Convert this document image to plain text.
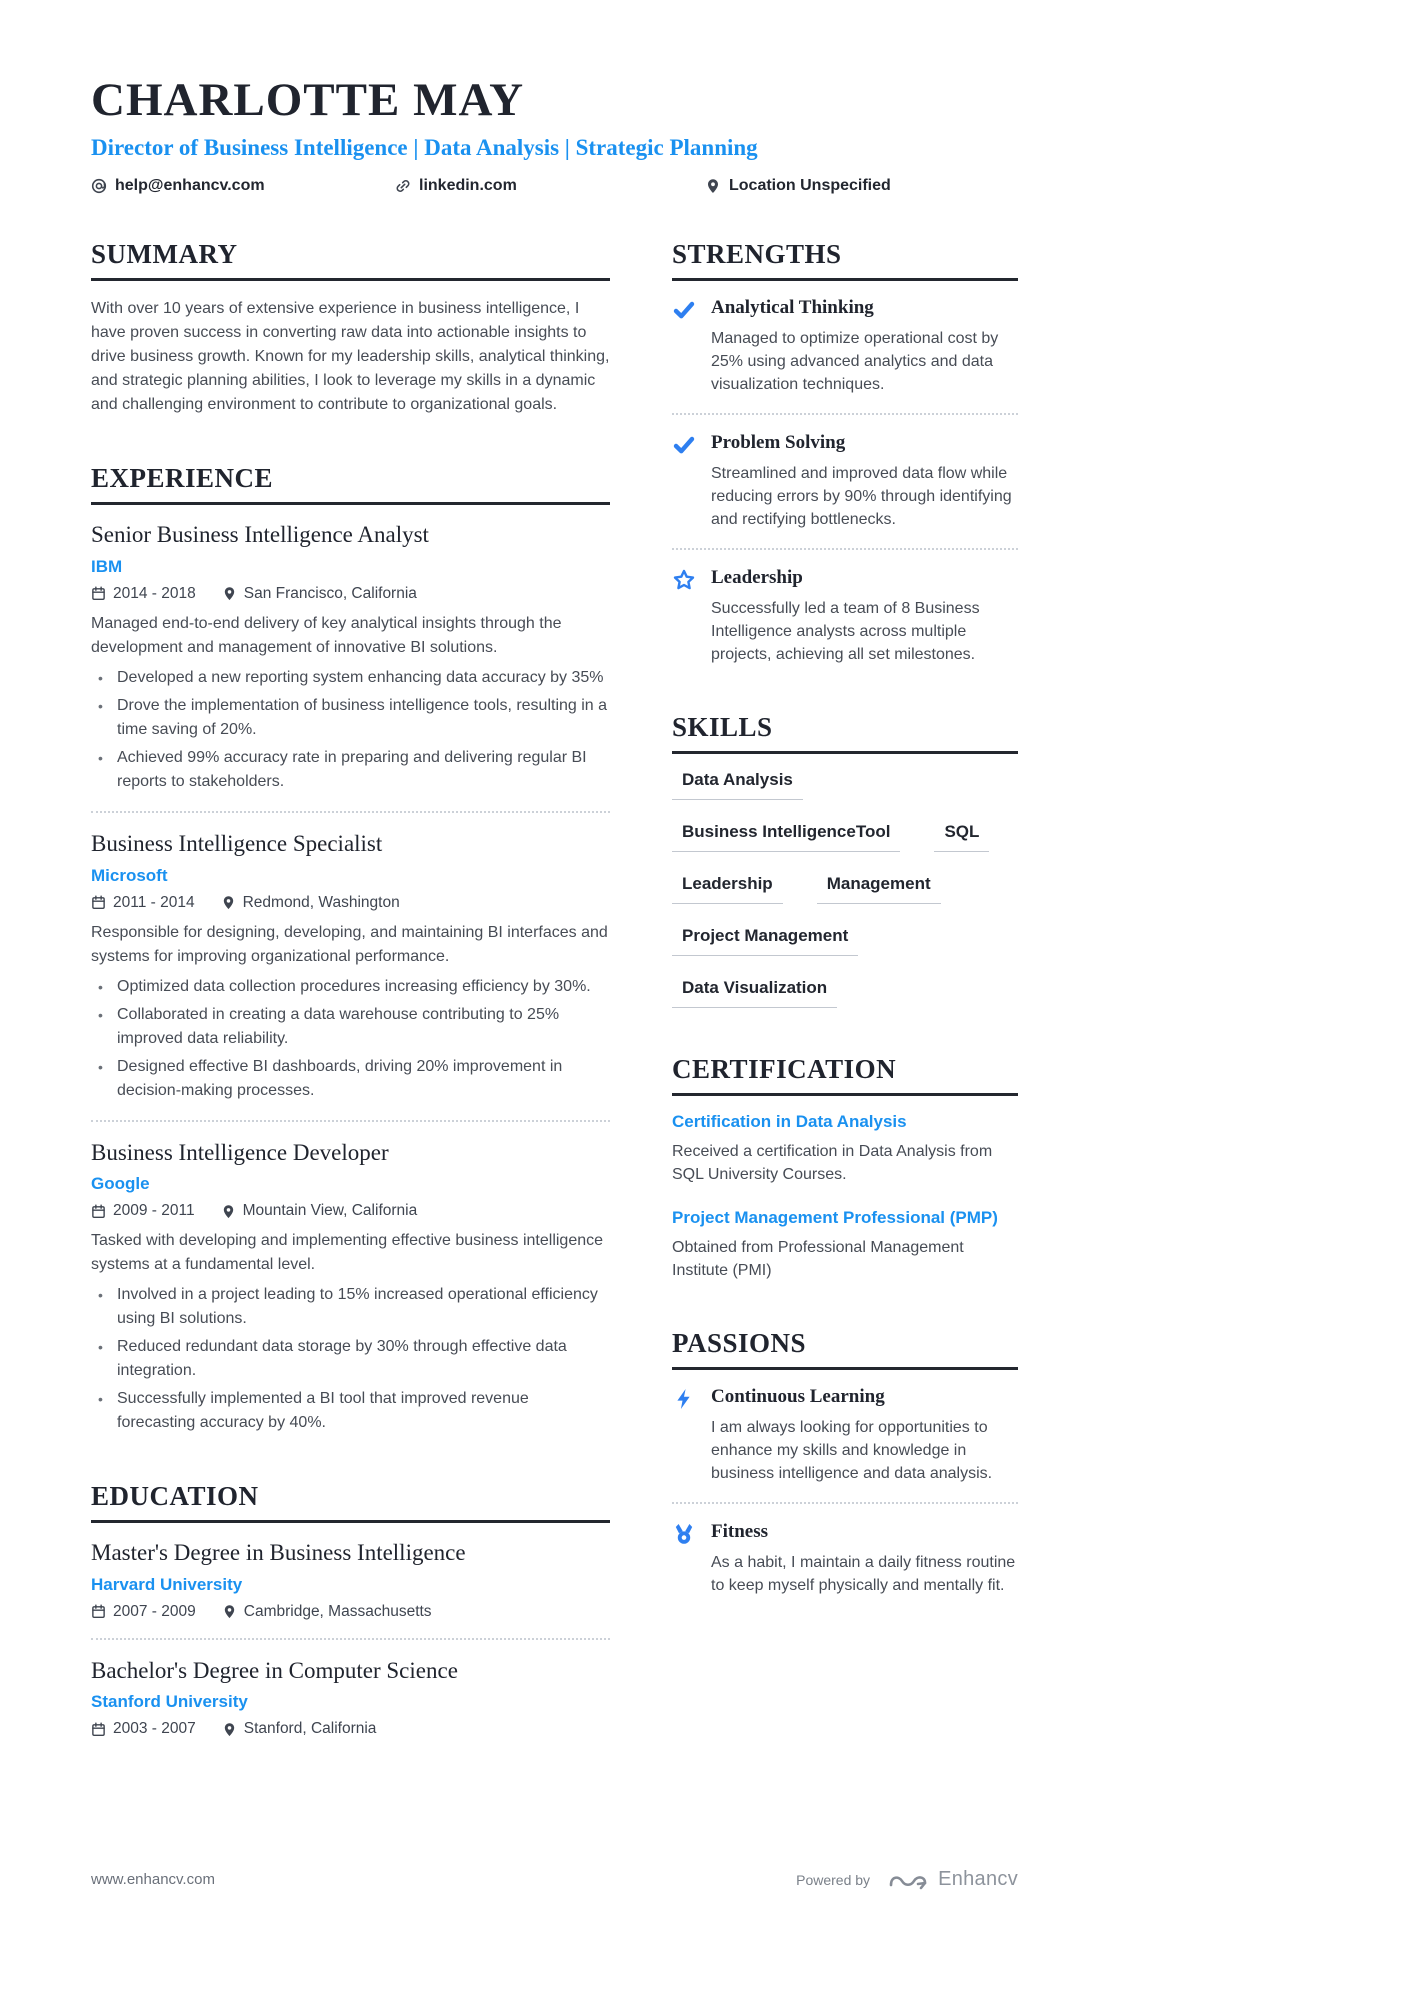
CHARLOTTE MAY
Director of Business Intelligence | Data Analysis | Strategic Planning
help@enhancv.com	linkedin.com	Location Unspecified
SUMMARY

With over 10 years of extensive experience in business intelligence, I have proven success in converting raw data into actionable insights to drive business growth. Known for my leadership skills, analytical thinking, and strategic planning abilities, I look to leverage my skills in a dynamic and challenging environment to contribute to organizational goals.

EXPERIENCE
Senior Business Intelligence Analyst
IBM
2014 - 2018	San Francisco, California

Managed end-to-end delivery of key analytical insights through the development and management of innovative BI solutions.

• Developed a new reporting system enhancing data accuracy by 35%
• Drove the implementation of business intelligence tools, resulting in a time saving of 20%.
• Achieved 99% accuracy rate in preparing and delivering regular BI reports to stakeholders.
Business Intelligence Specialist
Microsoft
2011 - 2014	Redmond, Washington

Responsible for designing, developing, and maintaining BI interfaces and systems for improving organizational performance.

• Optimized data collection procedures increasing efficiency by 30%.
• Collaborated in creating a data warehouse contributing to 25% improved data reliability.
• Designed effective BI dashboards, driving 20% improvement in decision-making processes.
Business Intelligence Developer
Google
2009 - 2011	Mountain View, California

Tasked with developing and implementing effective business intelligence systems at a fundamental level.

• Involved in a project leading to 15% increased operational efficiency using BI solutions.
• Reduced redundant data storage by 30% through effective data integration.
• Successfully implemented a BI tool that improved revenue forecasting accuracy by 40%.
EDUCATION
Master's Degree in Business Intelligence
Harvard University
2007 - 2009	Cambridge, Massachusetts
Bachelor's Degree in Computer Science
Stanford University
2003 - 2007	Stanford, California
STRENGTHS
Analytical Thinking
Managed to optimize operational cost by 25% using advanced analytics and data visualization techniques.
Problem Solving
Streamlined and improved data flow while reducing errors by 90% through identifying and rectifying bottlenecks.
Leadership
Successfully led a team of 8 Business Intelligence analysts across multiple projects, achieving all set milestones.
SKILLS
Data Analysis
Business IntelligenceTool	SQL
Leadership	Management
Project Management
Data Visualization
CERTIFICATION
Certification in Data Analysis
Received a certification in Data Analysis from SQL University Courses.
Project Management Professional (PMP)
Obtained from Professional Management Institute (PMI)
PASSIONS
Continuous Learning
I am always looking for opportunities to enhance my skills and knowledge in business intelligence and data analysis.
Fitness
As a habit, I maintain a daily fitness routine to keep myself physically and mentally fit.
www.enhancv.com	Powered by	Enhancv
